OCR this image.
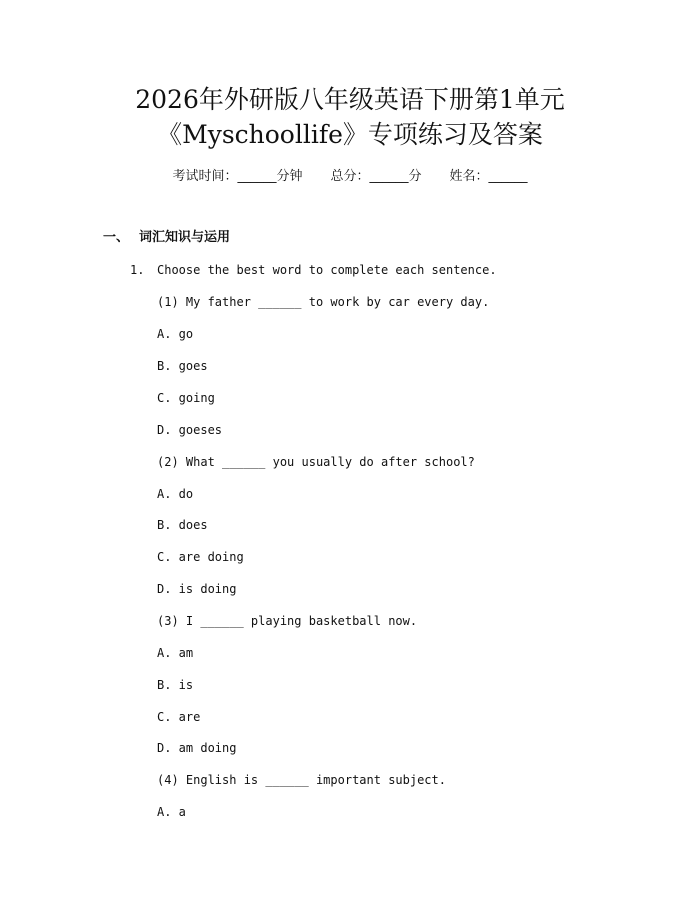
2026年外研版八年级英语下册第1单元
《Myschoollife》专项练习及答案
考试时间：______分钟 总分：______分 姓名：______
一、 词汇知识与运用
1. Choose the best word to complete each sentence.
(1) My father ______ to work by car every day.
A. go
B. goes
C. going
D. goeses
(2) What ______ you usually do after school?
A. do
B. does
C. are doing
D. is doing
(3) I ______ playing basketball now.
A. am
B. is
C. are
D. am doing
(4) English is ______ important subject.
A. a
